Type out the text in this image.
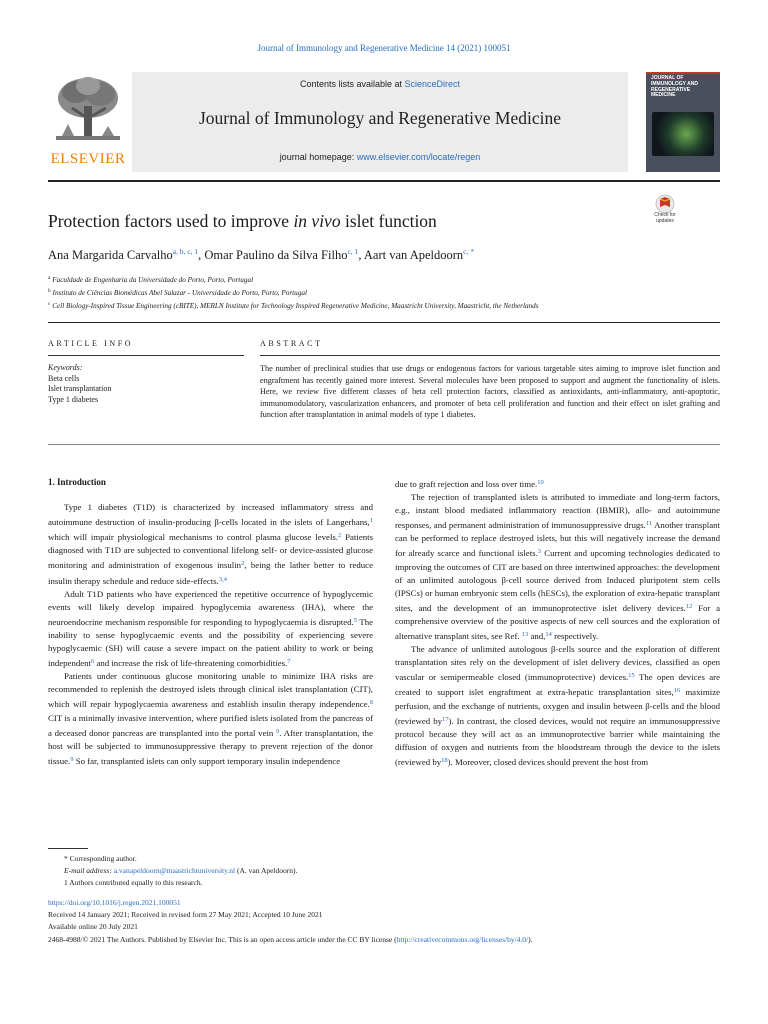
Journal of Immunology and Regenerative Medicine 14 (2021) 100051
ELSEVIER
Contents lists available at ScienceDirect
Journal of Immunology and Regenerative Medicine
journal homepage: www.elsevier.com/locate/regen
JOURNAL OF
IMMUNOLOGY AND
REGENERATIVE
MEDICINE
Protection factors used to improve in vivo islet function	Check for
updates
Ana Margarida Carvalho$^{a, b, c, 1}$, Omar Paulino da Silva Filho$^{c, 1}$, Aart van Apeldoorn$^{c, *}$
$^a$ Faculdade de Engenharia da Universidade do Porto, Porto, Portugal
$^b$ Instituto de Ciências Biomédicas Abel Salazar - Universidade do Porto, Porto, Portugal
$^c$ Cell Biology-Inspired Tissue Engineering (cBITE), MERLN Institute for Technology Inspired Regenerative Medicine, Maastricht University, Maastricht, the Netherlands
ARTICLE INFO	ABSTRACT
Keywords:
Beta cells
Islet transplantation
Type 1 diabetes
The number of preclinical studies that use drugs or endogenous factors for various targetable sites aiming to improve islet function and engraftment has recently gained more interest. Several molecules have been proposed to support and augment the functionality of islets. Here, we review five different classes of beta cell protection factors, classified as antioxidants, anti-inflammatory, anti-apoptotic, immunomodulatory, vascularization enhancers, and promoter of beta cell proliferation and function and their effect on islet grafting and function after transplantation in animal models of type 1 diabetes.

1. Introduction

Type 1 diabetes (T1D) is characterized by increased inflammatory stress and autoimmune destruction of insulin-producing β-cells located in the islets of Langerhans,$^1$ which will impair physiological mechanisms to control plasma glucose levels.$^2$ Patients diagnosed with T1D are subjected to conventional lifelong self- or device-assisted glucose monitoring and administration of exogenous insulin$^2$, being the lather better to reduce insulin therapy schedule and reduce side-effects.$^{3,4}$

Adult T1D patients who have experienced the repetitive occurrence of hypoglycemic events will likely develop impaired hypoglycemia awareness (IHA), where the neuroendocrine mechanism responsible for responding to hypoglycaemia is disrupted.$^5$ The inability to sense hypoglycaemic events and the possibility of experiencing severe hypoglycaemic (SH) will cause a severe impact on the patient ability to work or being independent$^6$ and increase the risk of life-threatening comorbidities.$^7$

Patients under continuous glucose monitoring unable to minimize IHA risks are recommended to replenish the destroyed islets through clinical islet transplantation (CIT), which will repair hypoglycaemia awareness and establish insulin therapy independence.$^8$ CIT is a minimally invasive intervention, where purified islets isolated from the pancreas of a deceased donor pancreas are transplanted into the portal vein $^9$. After transplantation, the host will be subjected to immunosuppressive therapy to prevent rejection of the donor tissue.$^9$ So far, transplanted islets can only support temporary insulin independence

due to graft rejection and loss over time.$^{10}$

The rejection of transplanted islets is attributed to immediate and long-term factors, e.g., instant blood mediated inflammatory reaction (IBMIR), allo- and autoimmune responses, and permanent administration of immunosuppressive drugs.$^{11}$ Another transplant can be performed to replace destroyed islets, but this will negatively increase the demand for already scarce and functional islets.$^3$ Current and upcoming technologies dedicated to improving the outcomes of CIT are based on three intertwined approaches: the development of an unlimited autologous β-cell source derived from Induced pluripotent stem cells (IPSCs) or human embryonic stem cells (hESCs), the exploration of extra-hepatic transplant sites, and the development of an immunoprotective islet delivery devices.$^{12}$ For a comprehensive overview of the positive aspects of new cell sources and the exploration of alternative transplant sites, see Ref. $^{13}$ and,$^{14}$ respectively.

The advance of unlimited autologous β-cells source and the exploration of different transplantation sites rely on the development of islet delivery devices, classified as open vascular or semipermeable closed (immunoprotective) devices.$^{15}$ The open devices are created to support islet engraftment at extra-hepatic transplantation sites,$^{16}$ maximize perfusion, and the exchange of nutrients, oxygen and insulin between β-cells and the blood (reviewed by$^{17}$). In contrast, the closed devices, would not require an immunosuppressive protocol because they will act as an immunoprotective barrier while maintaining the diffusion of oxygen and nutrients from the bloodstream through the device to the islets (reviewed by$^{18}$). Moreover, closed devices should prevent the host from

* Corresponding author.
E-mail address: a.vanapeldoorn@maastrichtuniversity.nl (A. van Apeldoorn).
1 Authors contributed equally to this research.
https://doi.org/10.1016/j.regen.2021.100051
Received 14 January 2021; Received in revised form 27 May 2021; Accepted 10 June 2021
Available online 20 July 2021
2468-4988/© 2021 The Authors. Published by Elsevier Inc. This is an open access article under the CC BY license (http://creativecommons.org/licenses/by/4.0/).
